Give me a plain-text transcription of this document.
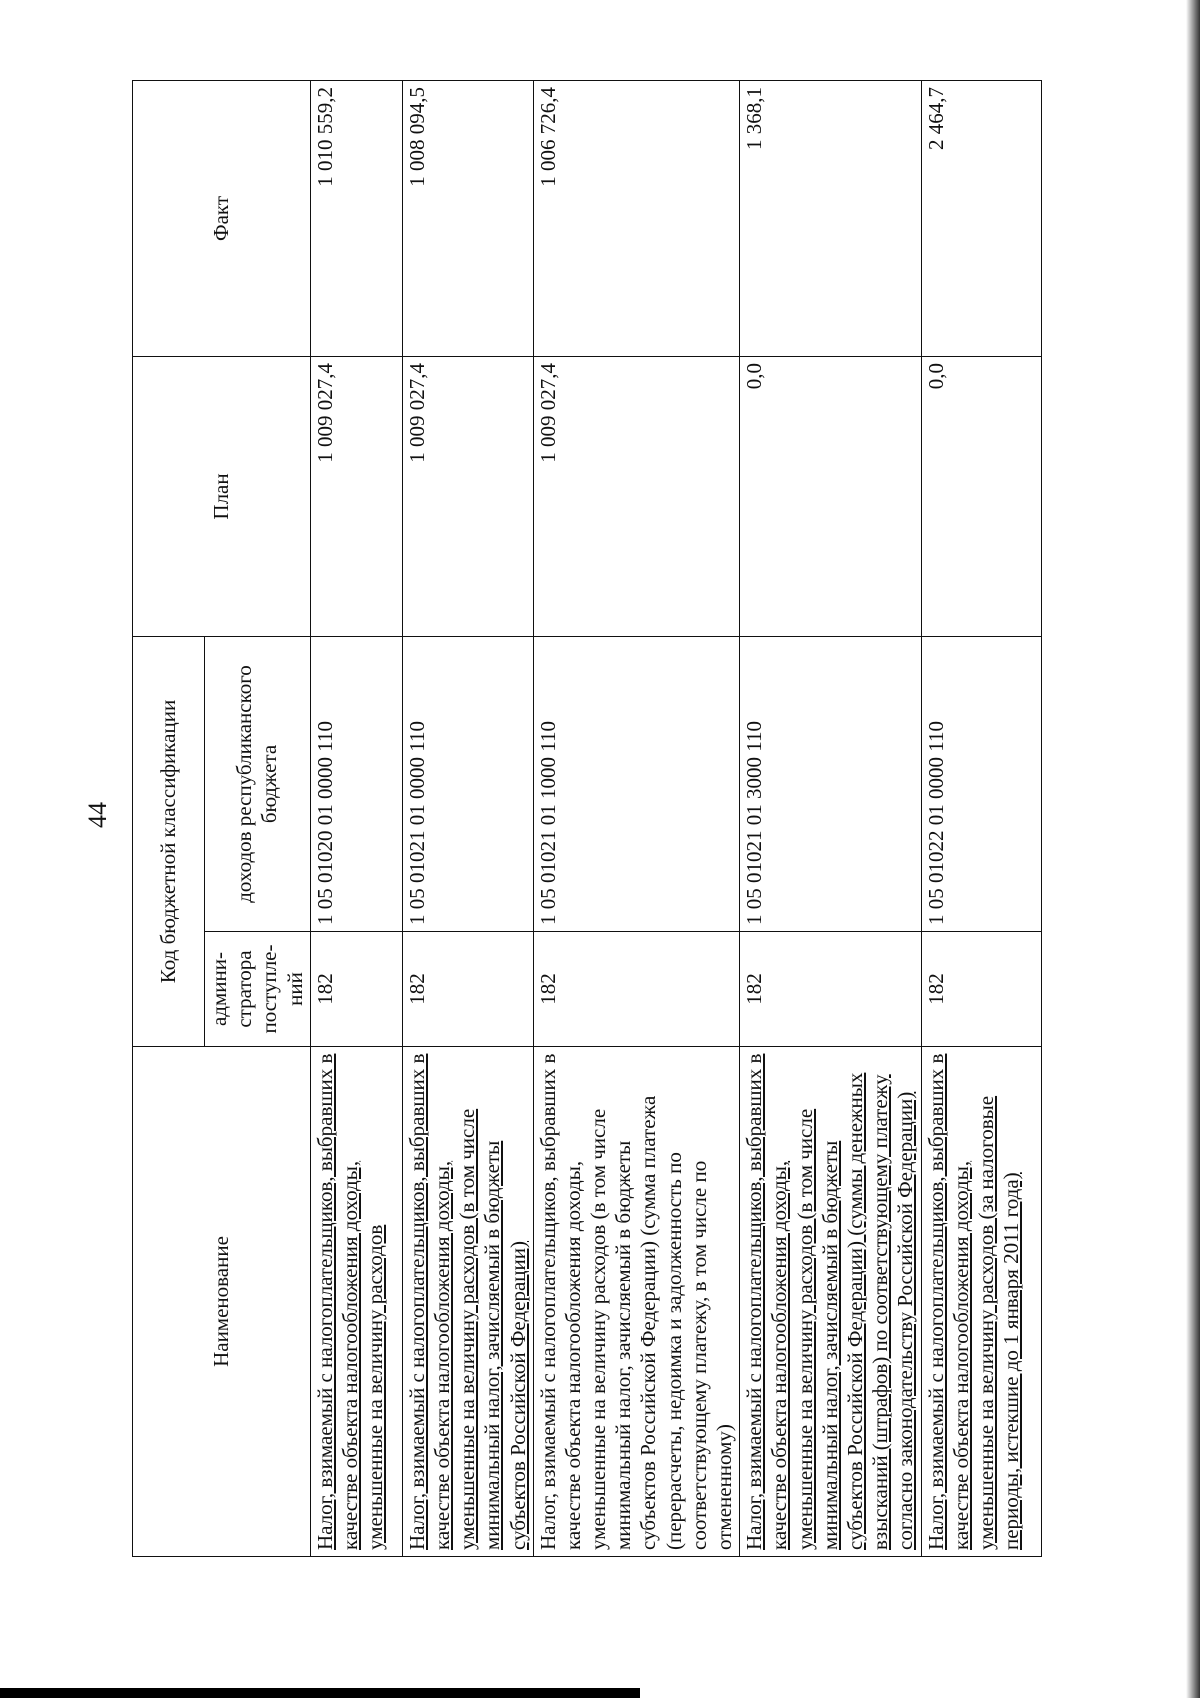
44
Наименование	Код бюджетной классификации		План	Факт
	админи-стратора поступле-ний	доходов республиканского бюджета		
Налог, взимаемый с налогоплательщиков, выбравших в качестве объекта налогообложения доходы, уменьшенные на величину расходов	182	1 05 01020 01 0000 110	1 009 027,4	1 010 559,2
Налог, взимаемый с налогоплательщиков, выбравших в качестве объекта налогообложения доходы, уменьшенные на величину расходов (в том числе минимальный налог, зачисляемый в бюджеты субъектов Российской Федерации)	182	1 05 01021 01 0000 110	1 009 027,4	1 008 094,5
Налог, взимаемый с налогоплательщиков, выбравших в качестве объекта налогообложения доходы, уменьшенные на величину расходов (в том числе минимальный налог, зачисляемый в бюджеты субъектов Российской Федерации) (сумма платежа (перерасчеты, недоимка и задолженность по соответствующему платежу, в том числе по отмененному)	182	1 05 01021 01 1000 110	1 009 027,4	1 006 726,4
Налог, взимаемый с налогоплательщиков, выбравших в качестве объекта налогообложения доходы, уменьшенные на величину расходов (в том числе минимальный налог, зачисляемый в бюджеты субъектов Российской Федерации) (суммы денежных взысканий (штрафов) по соответствующему платежу согласно законодательству Российской Федерации)	182	1 05 01021 01 3000 110	0,0	1 368,1
Налог, взимаемый с налогоплательщиков, выбравших в качестве объекта налогообложения доходы, уменьшенные на величину расходов (за налоговые периоды, истекшие до 1 января 2011 года)	182	1 05 01022 01 0000 110	0,0	2 464,7
